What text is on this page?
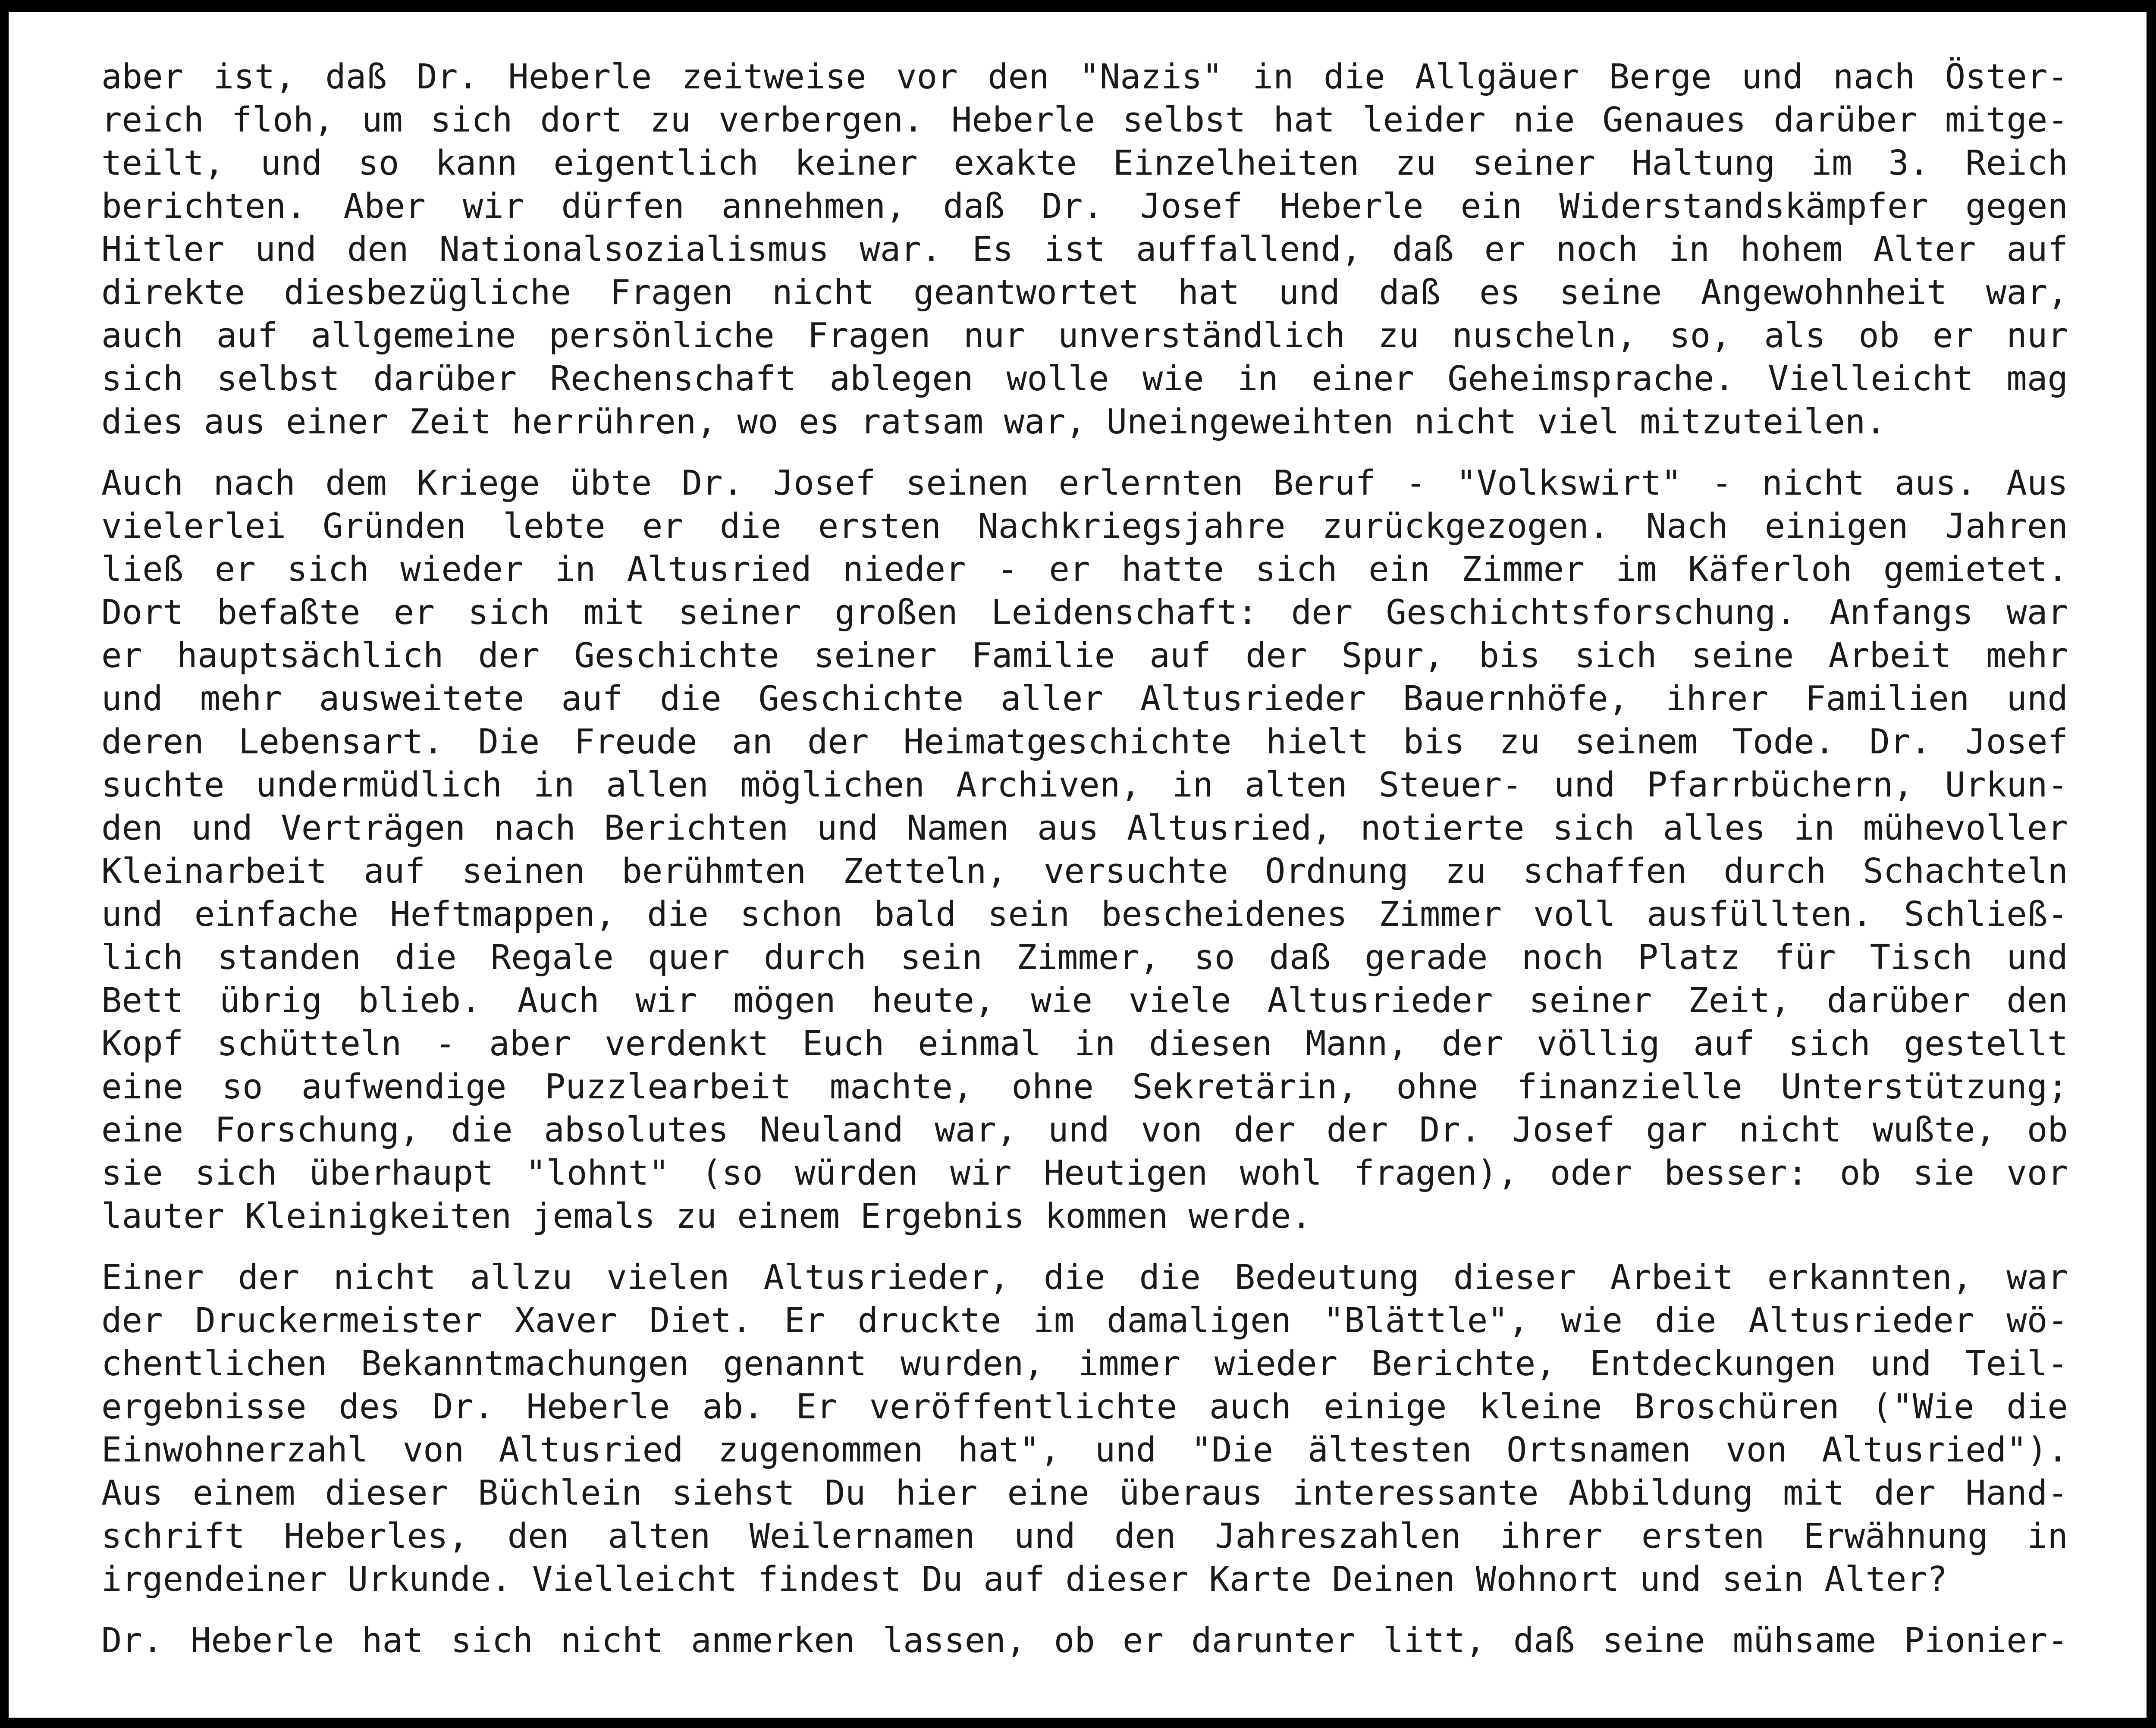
aber ist, daß Dr. Heberle zeitweise vor den "Nazis" in die Allgäuer Berge und nach Öster-
reich floh, um sich dort zu verbergen. Heberle selbst hat leider nie Genaues darüber mitge-
teilt, und so kann eigentlich keiner exakte Einzelheiten zu seiner Haltung im 3. Reich
berichten. Aber wir dürfen annehmen, daß Dr. Josef Heberle ein Widerstandskämpfer gegen
Hitler und den Nationalsozialismus war. Es ist auffallend, daß er noch in hohem Alter auf
direkte diesbezügliche Fragen nicht geantwortet hat und daß es seine Angewohnheit war,
auch auf allgemeine persönliche Fragen nur unverständlich zu nuscheln, so, als ob er nur
sich selbst darüber Rechenschaft ablegen wolle wie in einer Geheimsprache. Vielleicht mag
dies aus einer Zeit herrühren, wo es ratsam war, Uneingeweihten nicht viel mitzuteilen.
Auch nach dem Kriege übte Dr. Josef seinen erlernten Beruf - "Volkswirt" - nicht aus. Aus
vielerlei Gründen lebte er die ersten Nachkriegsjahre zurückgezogen. Nach einigen Jahren
ließ er sich wieder in Altusried nieder - er hatte sich ein Zimmer im Käferloh gemietet.
Dort befaßte er sich mit seiner großen Leidenschaft: der Geschichtsforschung. Anfangs war
er hauptsächlich der Geschichte seiner Familie auf der Spur, bis sich seine Arbeit mehr
und mehr ausweitete auf die Geschichte aller Altusrieder Bauernhöfe, ihrer Familien und
deren Lebensart. Die Freude an der Heimatgeschichte hielt bis zu seinem Tode. Dr. Josef
suchte undermüdlich in allen möglichen Archiven, in alten Steuer- und Pfarrbüchern, Urkun-
den und Verträgen nach Berichten und Namen aus Altusried, notierte sich alles in mühevoller
Kleinarbeit auf seinen berühmten Zetteln, versuchte Ordnung zu schaffen durch Schachteln
und einfache Heftmappen, die schon bald sein bescheidenes Zimmer voll ausfüllten. Schließ-
lich standen die Regale quer durch sein Zimmer, so daß gerade noch Platz für Tisch und
Bett übrig blieb. Auch wir mögen heute, wie viele Altusrieder seiner Zeit, darüber den
Kopf schütteln - aber verdenkt Euch einmal in diesen Mann, der völlig auf sich gestellt
eine so aufwendige Puzzlearbeit machte, ohne Sekretärin, ohne finanzielle Unterstützung;
eine Forschung, die absolutes Neuland war, und von der der Dr. Josef gar nicht wußte, ob
sie sich überhaupt "lohnt" (so würden wir Heutigen wohl fragen), oder besser: ob sie vor
lauter Kleinigkeiten jemals zu einem Ergebnis kommen werde.
Einer der nicht allzu vielen Altusrieder, die die Bedeutung dieser Arbeit erkannten, war
der Druckermeister Xaver Diet. Er druckte im damaligen "Blättle", wie die Altusrieder wö-
chentlichen Bekanntmachungen genannt wurden, immer wieder Berichte, Entdeckungen und Teil-
ergebnisse des Dr. Heberle ab. Er veröffentlichte auch einige kleine Broschüren ("Wie die
Einwohnerzahl von Altusried zugenommen hat", und "Die ältesten Ortsnamen von Altusried").
Aus einem dieser Büchlein siehst Du hier eine überaus interessante Abbildung mit der Hand-
schrift Heberles, den alten Weilernamen und den Jahreszahlen ihrer ersten Erwähnung in
irgendeiner Urkunde. Vielleicht findest Du auf dieser Karte Deinen Wohnort und sein Alter?
Dr. Heberle hat sich nicht anmerken lassen, ob er darunter litt, daß seine mühsame Pionier-
